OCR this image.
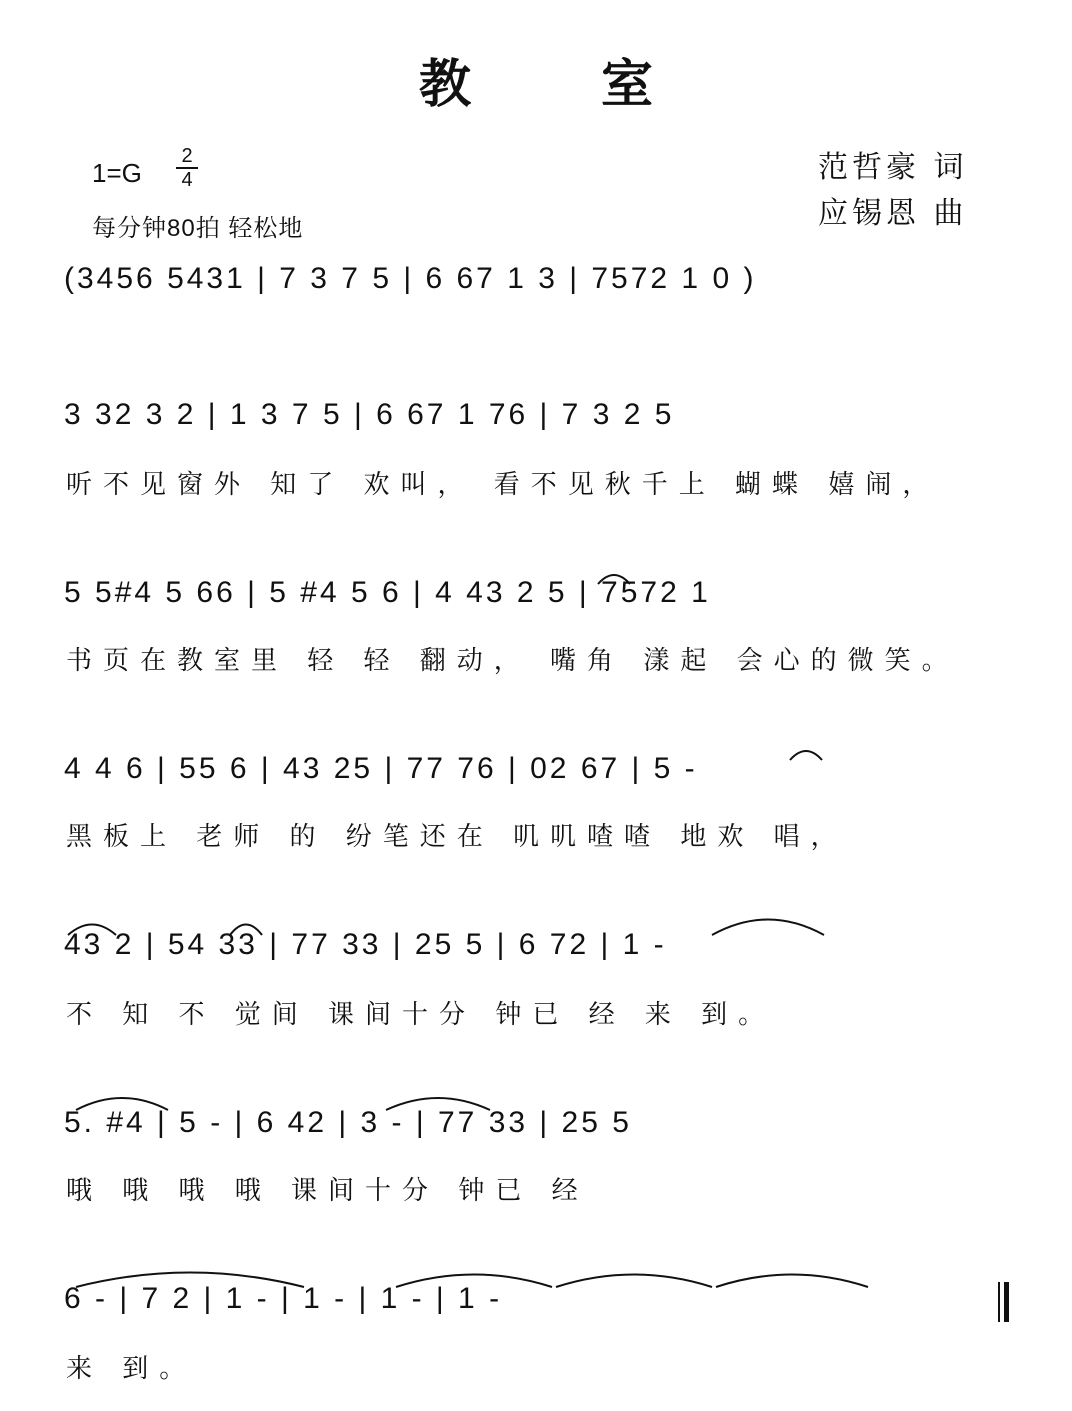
教 室
1=G
2
4
每分钟80拍 轻松地
范哲豪 词
应锡恩 曲
(3456 5431 | 7 3 7 5 | 6 67 1 3 | 7572 1 0 )
3 32 3 2 | 1 3 7 5 | 6 67 1 76 | 7 3 2 5
听不见窗外 知了 欢叫， 看不见秋千上 蝴蝶 嬉闹，
5 5#4 5 66 | 5 #4 5 6 | 4 43 2 5 | 7572 1
书页在教室里 轻 轻 翻动， 嘴角 漾起 会心的微笑。
4 4 6 | 55 6 | 43 25 | 77 76 | 02 67 | 5 -
黑板上 老师 的 纷笔还在 叽叽喳喳 地欢 唱，
43 2 | 54 33 | 77 33 | 25 5 | 6 72 | 1 -
不 知 不 觉间 课间十分 钟已 经 来 到。
5. #4 | 5 - | 6 42 | 3 - | 77 33 | 25 5
哦 哦 哦 哦 课间十分 钟已 经
6 - | 7 2 | 1 - | 1 - | 1 - | 1 -
来 到。
